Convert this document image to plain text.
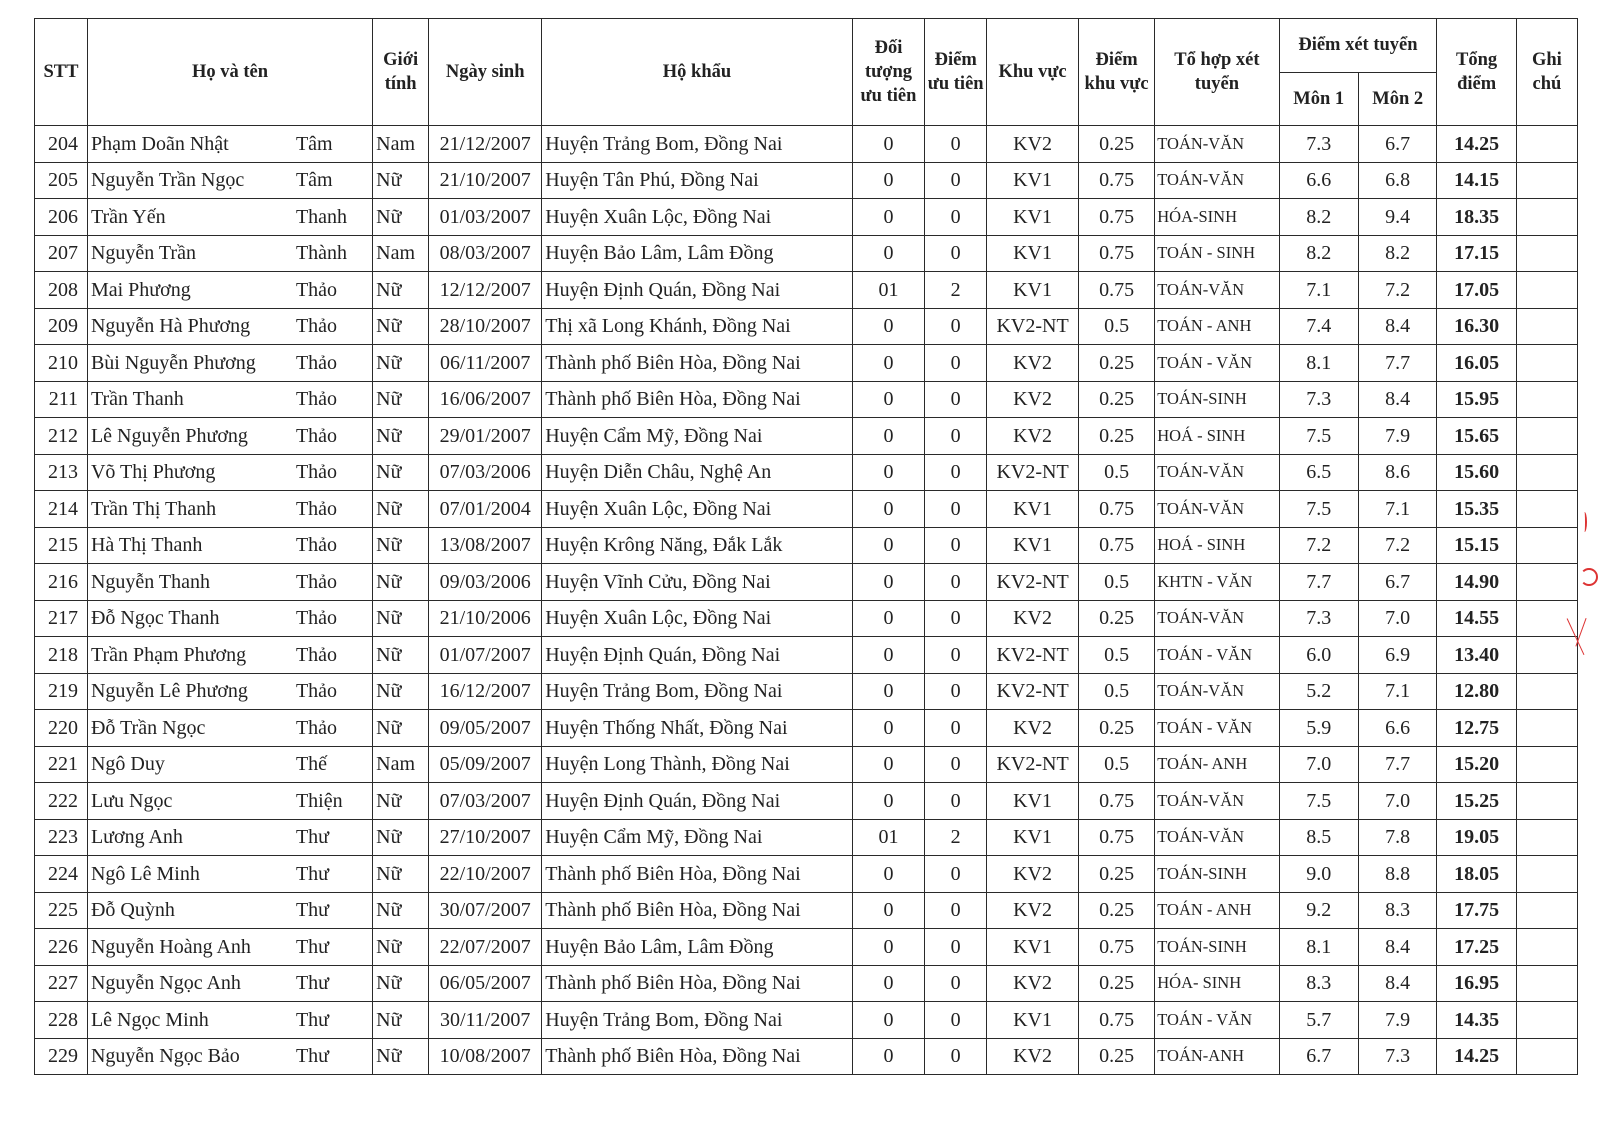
STT	Họ và tên	Giới tính	Ngày sinh	Hộ khẩu	Đối tượng ưu tiên	Điểm ưu tiên	Khu vực	Điểm khu vực	Tổ hợp xét tuyển	Điểm xét tuyển		Tổng điểm	Ghi chú
										Môn 1	Môn 2		
204	Phạm Doãn Nhật Tâm	Nam	21/12/2007	Huyện Trảng Bom, Đồng Nai	0	0	KV2	0.25	TOÁN-VĂN	7.3	6.7	14.25	
205	Nguyễn Trần Ngọc Tâm	Nữ	21/10/2007	Huyện Tân Phú, Đồng Nai	0	0	KV1	0.75	TOÁN-VĂN	6.6	6.8	14.15	
206	Trần Yến Thanh	Nữ	01/03/2007	Huyện Xuân Lộc, Đồng Nai	0	0	KV1	0.75	HÓA-SINH	8.2	9.4	18.35	
207	Nguyễn Trần Thành	Nam	08/03/2007	Huyện Bảo Lâm, Lâm Đồng	0	0	KV1	0.75	TOÁN - SINH	8.2	8.2	17.15	
208	Mai Phương Thảo	Nữ	12/12/2007	Huyện Định Quán, Đồng Nai	01	2	KV1	0.75	TOÁN-VĂN	7.1	7.2	17.05	
209	Nguyễn Hà Phương Thảo	Nữ	28/10/2007	Thị xã Long Khánh, Đồng Nai	0	0	KV2-NT	0.5	TOÁN - ANH	7.4	8.4	16.30	
210	Bùi Nguyễn Phương Thảo	Nữ	06/11/2007	Thành phố Biên Hòa, Đồng Nai	0	0	KV2	0.25	TOÁN - VĂN	8.1	7.7	16.05	
211	Trần Thanh Thảo	Nữ	16/06/2007	Thành phố Biên Hòa, Đồng Nai	0	0	KV2	0.25	TOÁN-SINH	7.3	8.4	15.95	
212	Lê Nguyễn Phương Thảo	Nữ	29/01/2007	Huyện Cẩm Mỹ, Đồng Nai	0	0	KV2	0.25	HOÁ - SINH	7.5	7.9	15.65	
213	Võ Thị Phương Thảo	Nữ	07/03/2006	Huyện Diễn Châu, Nghệ An	0	0	KV2-NT	0.5	TOÁN-VĂN	6.5	8.6	15.60	
214	Trần Thị Thanh Thảo	Nữ	07/01/2004	Huyện Xuân Lộc, Đồng Nai	0	0	KV1	0.75	TOÁN-VĂN	7.5	7.1	15.35	
215	Hà Thị Thanh Thảo	Nữ	13/08/2007	Huyện Krông Năng, Đắk Lắk	0	0	KV1	0.75	HOÁ - SINH	7.2	7.2	15.15	
216	Nguyễn Thanh Thảo	Nữ	09/03/2006	Huyện Vĩnh Cửu, Đồng Nai	0	0	KV2-NT	0.5	KHTN - VĂN	7.7	6.7	14.90	
217	Đỗ Ngọc Thanh Thảo	Nữ	21/10/2006	Huyện Xuân Lộc, Đồng Nai	0	0	KV2	0.25	TOÁN-VĂN	7.3	7.0	14.55	
218	Trần Phạm Phương Thảo	Nữ	01/07/2007	Huyện Định Quán, Đồng Nai	0	0	KV2-NT	0.5	TOÁN - VĂN	6.0	6.9	13.40	
219	Nguyễn Lê Phương Thảo	Nữ	16/12/2007	Huyện Trảng Bom, Đồng Nai	0	0	KV2-NT	0.5	TOÁN-VĂN	5.2	7.1	12.80	
220	Đỗ Trần Ngọc Thảo	Nữ	09/05/2007	Huyện Thống Nhất, Đồng Nai	0	0	KV2	0.25	TOÁN - VĂN	5.9	6.6	12.75	
221	Ngô Duy Thế	Nam	05/09/2007	Huyện Long Thành, Đồng Nai	0	0	KV2-NT	0.5	TOÁN- ANH	7.0	7.7	15.20	
222	Lưu Ngọc Thiện	Nữ	07/03/2007	Huyện Định Quán, Đồng Nai	0	0	KV1	0.75	TOÁN-VĂN	7.5	7.0	15.25	
223	Lương Anh Thư	Nữ	27/10/2007	Huyện Cẩm Mỹ, Đồng Nai	01	2	KV1	0.75	TOÁN-VĂN	8.5	7.8	19.05	
224	Ngô Lê Minh Thư	Nữ	22/10/2007	Thành phố Biên Hòa, Đồng Nai	0	0	KV2	0.25	TOÁN-SINH	9.0	8.8	18.05	
225	Đỗ Quỳnh Thư	Nữ	30/07/2007	Thành phố Biên Hòa, Đồng Nai	0	0	KV2	0.25	TOÁN - ANH	9.2	8.3	17.75	
226	Nguyễn Hoàng Anh Thư	Nữ	22/07/2007	Huyện Bảo Lâm, Lâm Đồng	0	0	KV1	0.75	TOÁN-SINH	8.1	8.4	17.25	
227	Nguyễn Ngọc Anh Thư	Nữ	06/05/2007	Thành phố Biên Hòa, Đồng Nai	0	0	KV2	0.25	HÓA- SINH	8.3	8.4	16.95	
228	Lê Ngọc Minh Thư	Nữ	30/11/2007	Huyện Trảng Bom, Đồng Nai	0	0	KV1	0.75	TOÁN - VĂN	5.7	7.9	14.35	
229	Nguyễn Ngọc Bảo Thư	Nữ	10/08/2007	Thành phố Biên Hòa, Đồng Nai	0	0	KV2	0.25	TOÁN-ANH	6.7	7.3	14.25	
